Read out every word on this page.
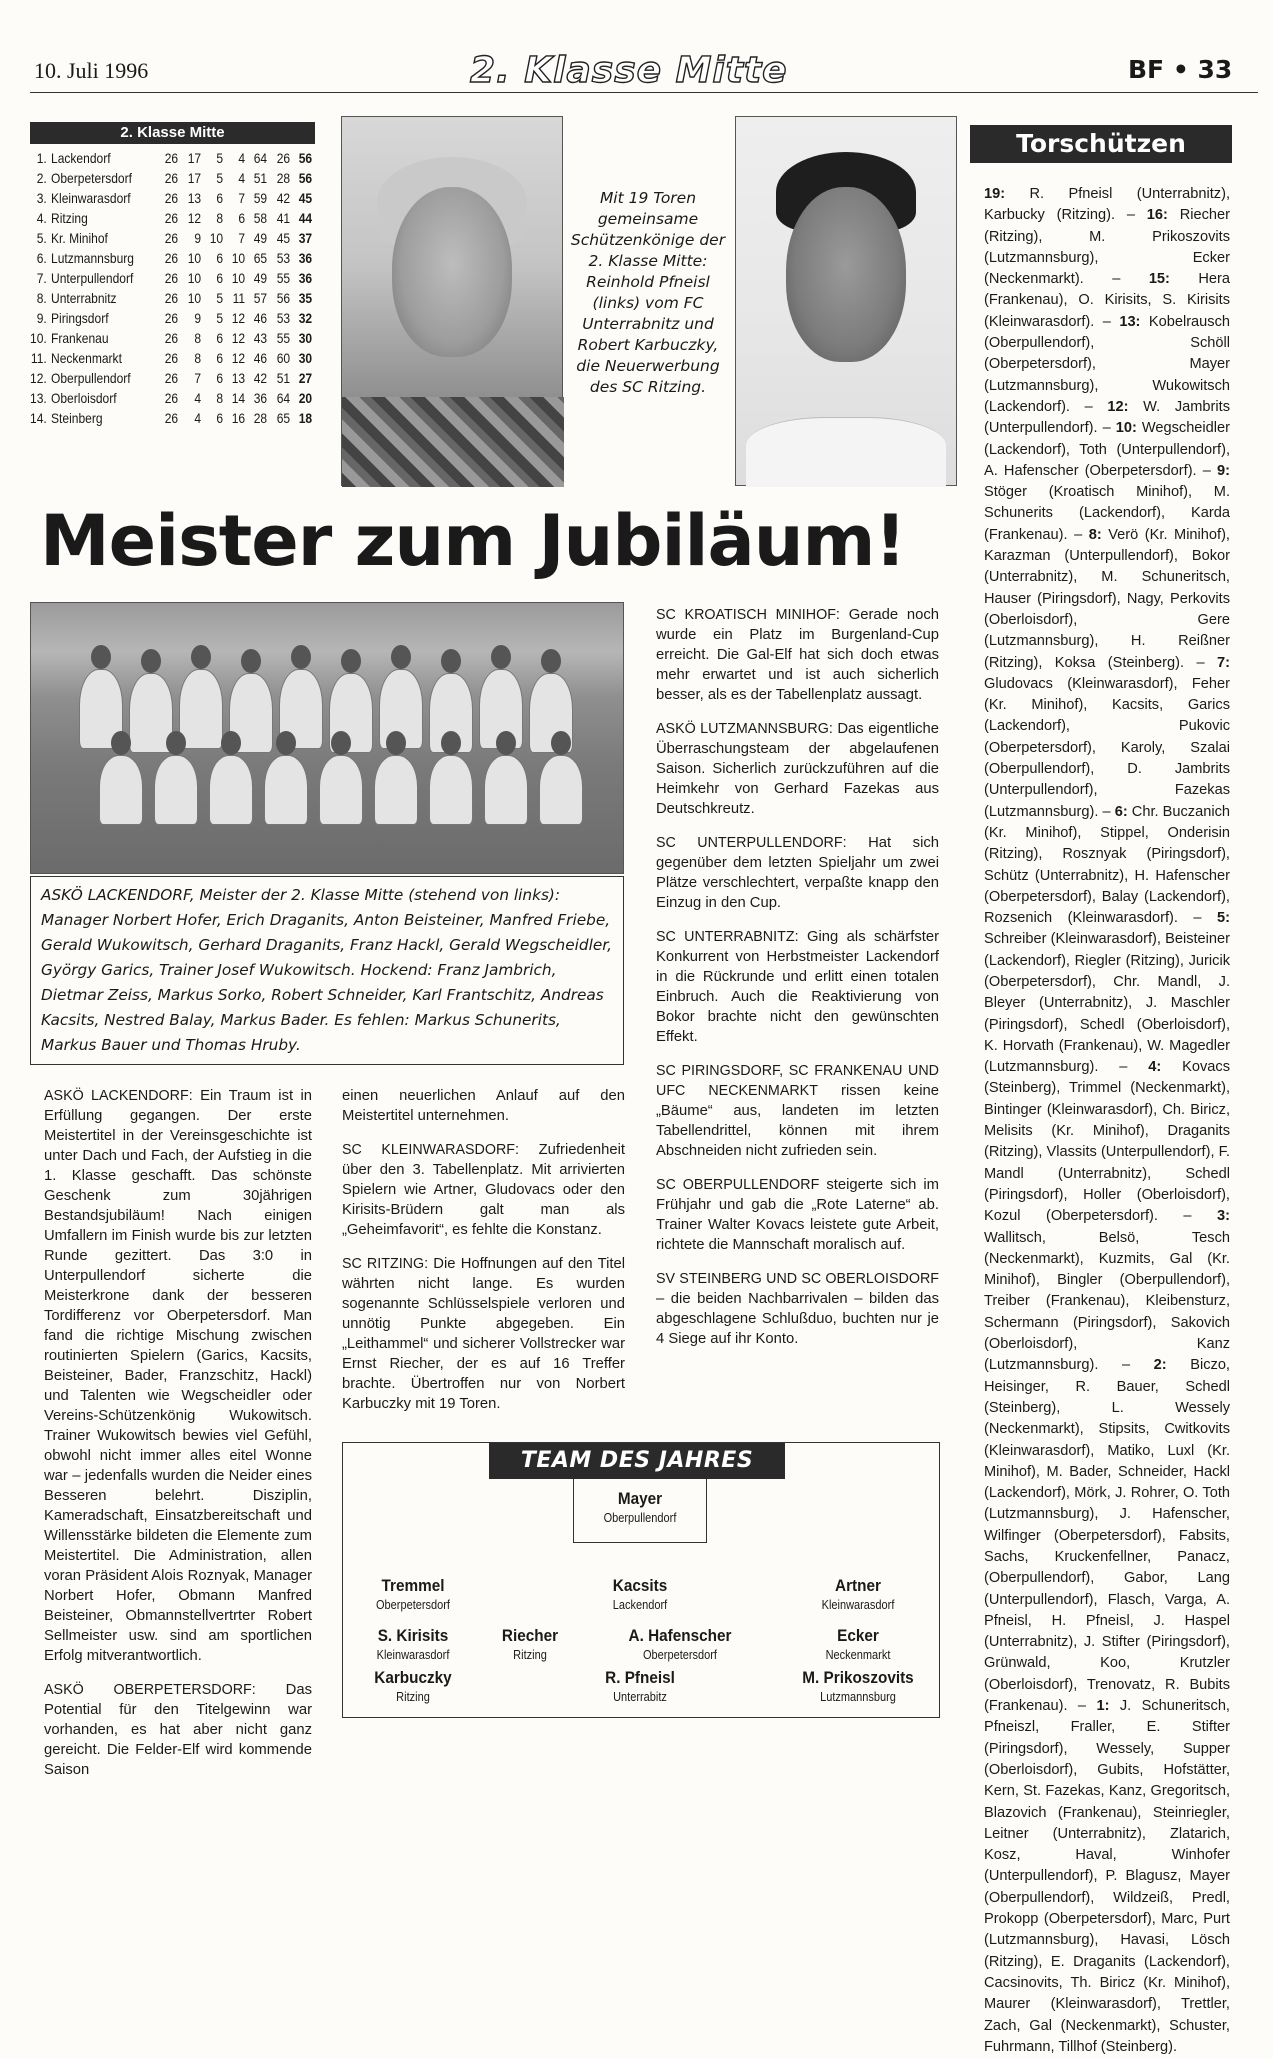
10. Juli 1996	2. Klasse Mitte	BF • 33
2. Klasse Mitte
1.	Lackendorf	26	17	5	4	64	26	56
2.	Oberpetersdorf	26	17	5	4	51	28	56
3.	Kleinwarasdorf	26	13	6	7	59	42	45
4.	Ritzing	26	12	8	6	58	41	44
5.	Kr. Minihof	26	9	10	7	49	45	37
6.	Lutzmannsburg	26	10	6	10	65	53	36
7.	Unterpullendorf	26	10	6	10	49	55	36
8.	Unterrabnitz	26	10	5	11	57	56	35
9.	Piringsdorf	26	9	5	12	46	53	32
10.	Frankenau	26	8	6	12	43	55	30
11.	Neckenmarkt	26	8	6	12	46	60	30
12.	Oberpullendorf	26	7	6	13	42	51	27
13.	Oberloisdorf	26	4	8	14	36	64	20
14.	Steinberg	26	4	6	16	28	65	18
Mit 19 Toren gemeinsame Schützenkönige der 2. Klasse Mitte: Reinhold Pfneisl (links) vom FC Unterrabnitz und Robert Karbuczky, die Neuerwerbung des SC Ritzing.
Meister zum Jubiläum!
ASKÖ LACKENDORF, Meister der 2. Klasse Mitte (stehend von links): Manager Norbert Hofer, Erich Draganits, Anton Beisteiner, Manfred Friebe, Gerald Wukowitsch, Gerhard Draganits, Franz Hackl, Gerald Wegscheidler, György Garics, Trainer Josef Wukowitsch. Hockend: Franz Jambrich, Dietmar Zeiss, Markus Sorko, Robert Schneider, Karl Frantschitz, Andreas Kacsits, Nestred Balay, Markus Bader. Es fehlen: Markus Schunerits, Markus Bauer und Thomas Hruby.

ASKÖ LACKENDORF: Ein Traum ist in Erfüllung gegangen. Der erste Meistertitel in der Vereinsgeschichte ist unter Dach und Fach, der Aufstieg in die 1. Klasse geschafft. Das schönste Geschenk zum 30jährigen Bestandsjubiläum! Nach einigen Umfallern im Finish wurde bis zur letzten Runde gezittert. Das 3:0 in Unterpullendorf sicherte die Meisterkrone dank der besseren Tordifferenz vor Oberpetersdorf. Man fand die richtige Mischung zwischen routinierten Spielern (Garics, Kacsits, Beisteiner, Bader, Franzschitz, Hackl) und Talenten wie Wegscheidler oder Vereins-Schützenkönig Wukowitsch. Trainer Wukowitsch bewies viel Gefühl, obwohl nicht immer alles eitel Wonne war – jedenfalls wurden die Neider eines Besseren belehrt. Disziplin, Kameradschaft, Einsatzbereitschaft und Willensstärke bildeten die Elemente zum Meistertitel. Die Administration, allen voran Präsident Alois Roznyak, Manager Norbert Hofer, Obmann Manfred Beisteiner, Obmannstellvertrter Robert Sellmeister usw. sind am sportlichen Erfolg mitverantwortlich.

ASKÖ OBERPETERSDORF: Das Potential für den Titelgewinn war vorhanden, es hat aber nicht ganz gereicht. Die Felder-Elf wird kommende Saison

einen neuerlichen Anlauf auf den Meistertitel unternehmen.

SC KLEINWARASDORF: Zufriedenheit über den 3. Tabellenplatz. Mit arrivierten Spielern wie Artner, Gludovacs oder den Kirisits-Brüdern galt man als „Geheimfavorit“, es fehlte die Konstanz.

SC RITZING: Die Hoffnungen auf den Titel währten nicht lange. Es wurden sogenannte Schlüsselspiele verloren und unnötig Punkte abgegeben. Ein „Leithammel“ und sicherer Vollstrecker war Ernst Riecher, der es auf 16 Treffer brachte. Übertroffen nur von Norbert Karbuczky mit 19 Toren.

SC KROATISCH MINIHOF: Gerade noch wurde ein Platz im Burgenland-Cup erreicht. Die Gal-Elf hat sich doch etwas mehr erwartet und ist auch sicherlich besser, als es der Tabellenplatz aussagt.

ASKÖ LUTZMANNSBURG: Das eigentliche Überraschungsteam der abgelaufenen Saison. Sicherlich zurückzuführen auf die Heimkehr von Gerhard Fazekas aus Deutschkreutz.

SC UNTERPULLENDORF: Hat sich gegenüber dem letzten Spieljahr um zwei Plätze verschlechtert, verpaßte knapp den Einzug in den Cup.

SC UNTERRABNITZ: Ging als schärfster Konkurrent von Herbstmeister Lackendorf in die Rückrunde und erlitt einen totalen Einbruch. Auch die Reaktivierung von Bokor brachte nicht den gewünschten Effekt.

SC PIRINGSDORF, SC FRANKENAU UND UFC NECKENMARKT rissen keine „Bäume“ aus, landeten im letzten Tabellendrittel, können mit ihrem Abschneiden nicht zufrieden sein.

SC OBERPULLENDORF steigerte sich im Frühjahr und gab die „Rote Laterne“ ab. Trainer Walter Kovacs leistete gute Arbeit, richtete die Mannschaft moralisch auf.

SV STEINBERG UND SC OBERLOISDORF – die beiden Nachbarrivalen – bilden das abgeschlagene Schlußduo, buchten nur je 4 Siege auf ihr Konto.

TEAM DES JAHRES
Mayer
Oberpullendorf
Tremmel
Oberpetersdorf
Kacsits
Lackendorf
Artner
Kleinwarasdorf
S. Kirisits
Kleinwarasdorf
Riecher
Ritzing
A. Hafenscher
Oberpetersdorf
Ecker
Neckenmarkt
Karbuczky
Ritzing
R. Pfneisl
Unterrabitz
M. Prikoszovits
Lutzmannsburg
Torschützen
19: R. Pfneisl (Unterrabnitz), Karbucky (Ritzing). – 16: Riecher (Ritzing), M. Prikoszovits (Lutzmannsburg), Ecker (Neckenmarkt). – 15: Hera (Frankenau), O. Kirisits, S. Kirisits (Kleinwarasdorf). – 13: Kobelrausch (Oberpullendorf), Schöll (Oberpetersdorf), Mayer (Lutzmannsburg), Wukowitsch (Lackendorf). – 12: W. Jambrits (Unterpullendorf). – 10: Wegscheidler (Lackendorf), Toth (Unterpullendorf), A. Hafenscher (Oberpetersdorf). – 9: Stöger (Kroatisch Minihof), M. Schunerits (Lackendorf), Karda (Frankenau). – 8: Verö (Kr. Minihof), Karazman (Unterpullendorf), Bokor (Unterrabnitz), M. Schuneritsch, Hauser (Piringsdorf), Nagy, Perkovits (Oberloisdorf), Gere (Lutzmannsburg), H. Reißner (Ritzing), Koksa (Steinberg). – 7: Gludovacs (Kleinwarasdorf), Feher (Kr. Minihof), Kacsits, Garics (Lackendorf), Pukovic (Oberpetersdorf), Karoly, Szalai (Oberpullendorf), D. Jambrits (Unterpullendorf), Fazekas (Lutzmannsburg). – 6: Chr. Buczanich (Kr. Minihof), Stippel, Onderisin (Ritzing), Rosznyak (Piringsdorf), Schütz (Unterrabnitz), H. Hafenscher (Oberpetersdorf), Balay (Lackendorf), Rozsenich (Kleinwarasdorf). – 5: Schreiber (Kleinwarasdorf), Beisteiner (Lackendorf), Riegler (Ritzing), Juricik (Oberpetersdorf), Chr. Mandl, J. Bleyer (Unterrabnitz), J. Maschler (Piringsdorf), Schedl (Oberloisdorf), K. Horvath (Frankenau), W. Magedler (Lutzmannsburg). – 4: Kovacs (Steinberg), Trimmel (Neckenmarkt), Bintinger (Kleinwarasdorf), Ch. Biricz, Melisits (Kr. Minihof), Draganits (Ritzing), Vlassits (Unterpullendorf), F. Mandl (Unterrabnitz), Schedl (Piringsdorf), Holler (Oberloisdorf), Kozul (Oberpetersdorf). – 3: Wallitsch, Belsö, Tesch (Neckenmarkt), Kuzmits, Gal (Kr. Minihof), Bingler (Oberpullendorf), Treiber (Frankenau), Kleibensturz, Schermann (Piringsdorf), Sakovich (Oberloisdorf), Kanz (Lutzmannsburg). – 2: Biczo, Heisinger, R. Bauer, Schedl (Steinberg), L. Wessely (Neckenmarkt), Stipsits, Cwitkovits (Kleinwarasdorf), Matiko, Luxl (Kr. Minihof), M. Bader, Schneider, Hackl (Lackendorf), Mörk, J. Rohrer, O. Toth (Lutzmannsburg), J. Hafenscher, Wilfinger (Oberpetersdorf), Fabsits, Sachs, Kruckenfellner, Panacz, (Oberpullendorf), Gabor, Lang (Unterpullendorf), Flasch, Varga, A. Pfneisl, H. Pfneisl, J. Haspel (Unterrabnitz), J. Stifter (Piringsdorf), Grünwald, Koo, Krutzler (Oberloisdorf), Trenovatz, R. Bubits (Frankenau). – 1: J. Schuneritsch, Pfneiszl, Fraller, E. Stifter (Piringsdorf), Wessely, Supper (Oberloisdorf), Gubits, Hofstätter, Kern, St. Fazekas, Kanz, Gregoritsch, Blazovich (Frankenau), Steinriegler, Leitner (Unterrabnitz), Zlatarich, Kosz, Haval, Winhofer (Unterpullendorf), P. Blagusz, Mayer (Oberpullendorf), Wildzeiß, Predl, Prokopp (Oberpetersdorf), Marc, Purt (Lutzmannsburg), Havasi, Lösch (Ritzing), E. Draganits (Lackendorf), Cacsinovits, Th. Biricz (Kr. Minihof), Maurer (Kleinwarasdorf), Trettler, Zach, Gal (Neckenmarkt), Schuster, Fuhrmann, Tillhof (Steinberg).
